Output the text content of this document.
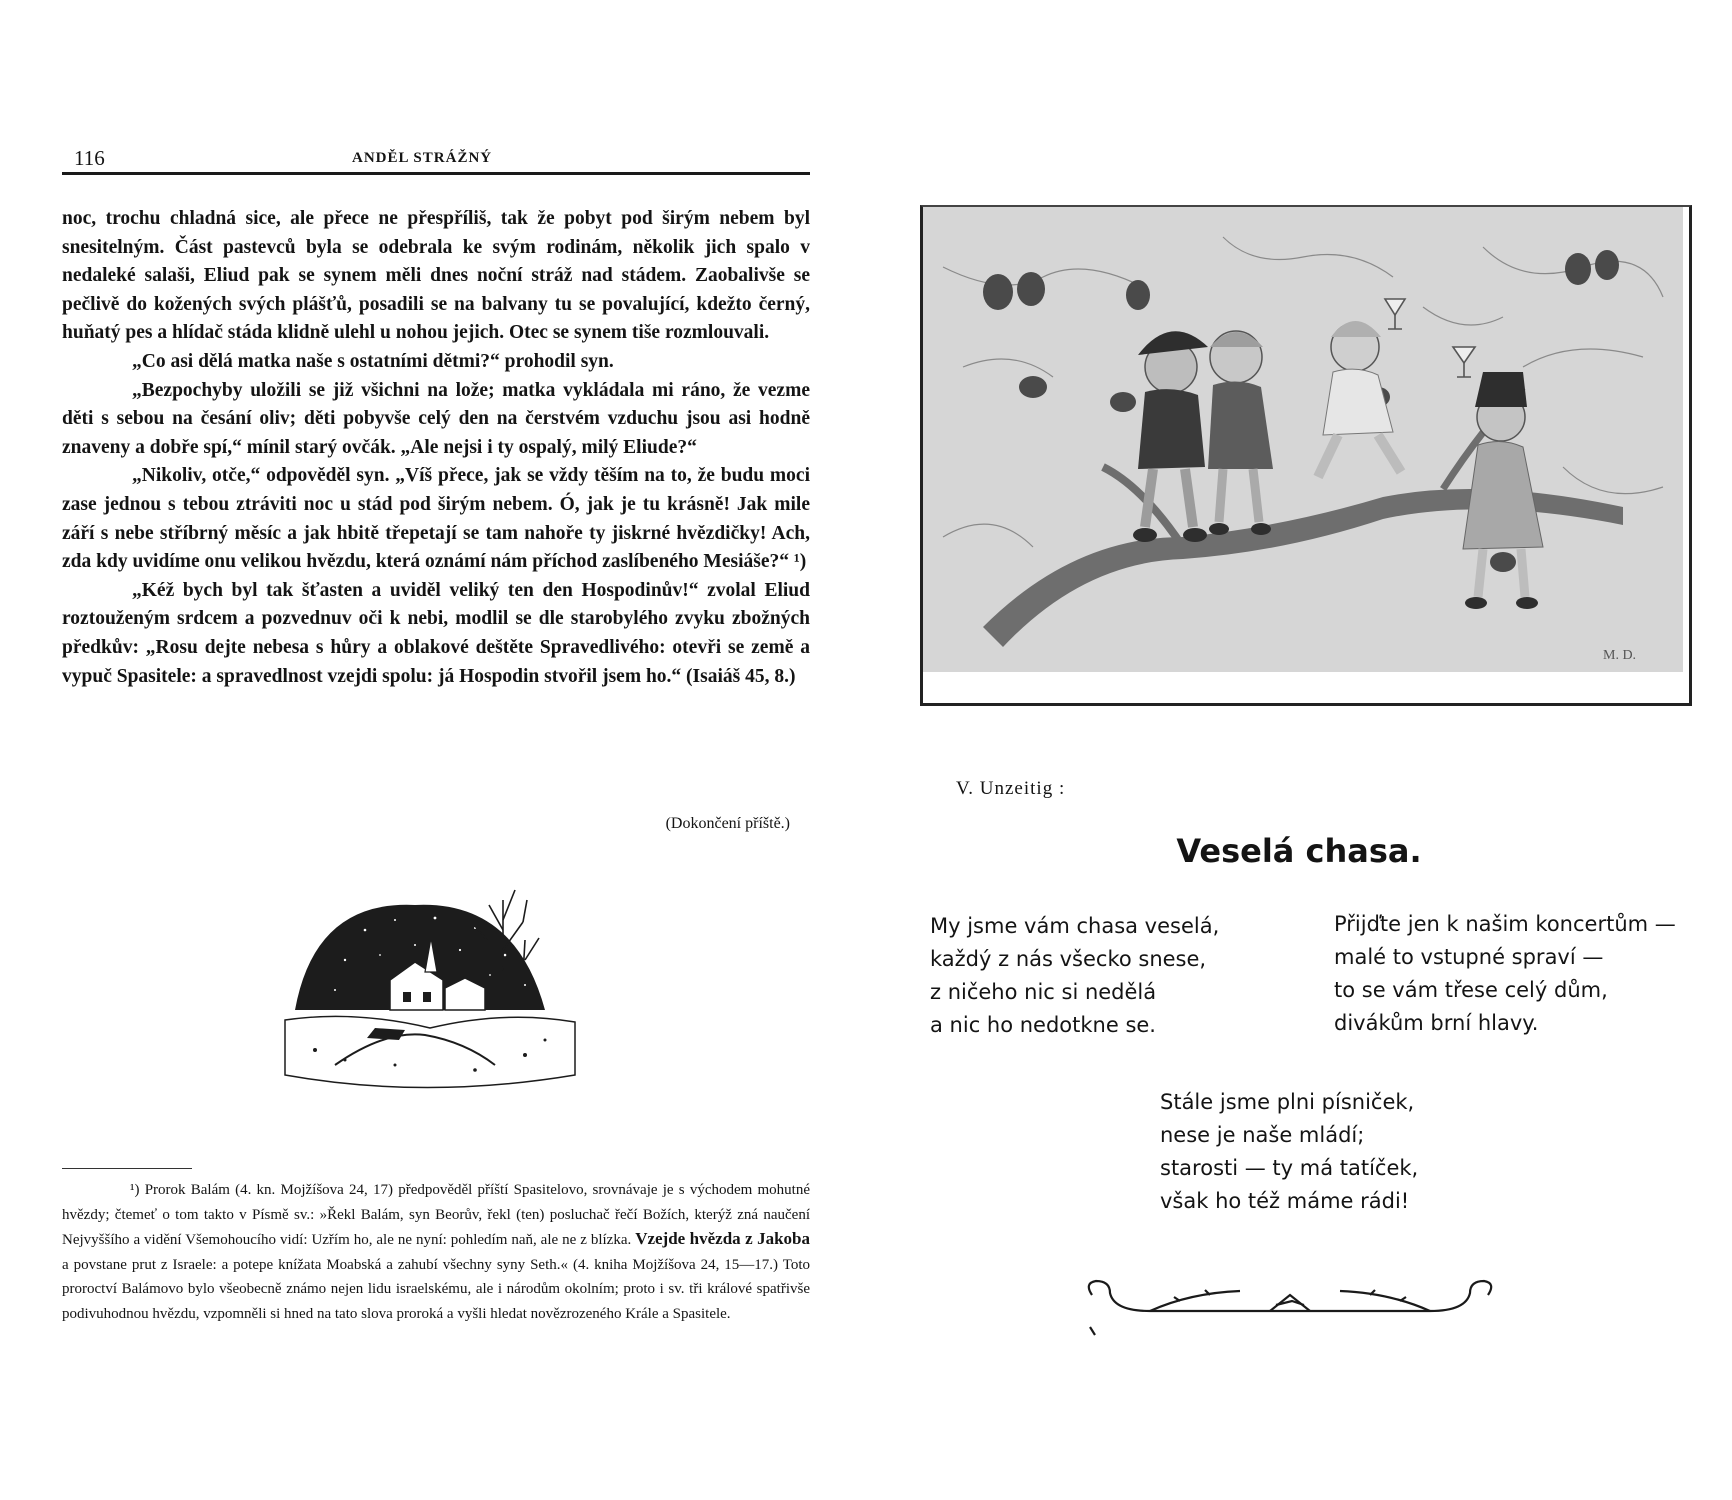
116	ANDĚL STRÁŽNÝ

noc, trochu chladná sice, ale přece ne přespříliš, tak že pobyt pod širým nebem byl snesitelným. Část pastevců byla se odebrala ke svým rodinám, několik jich spalo v nedaleké salaši, Eliud pak se synem měli dnes noční stráž nad stádem. Zaobalivše se pečlivě do kožených svých plášťů, posadili se na balvany tu se povalující, kdežto černý, huňatý pes a hlídač stáda klidně ulehl u nohou jejich. Otec se synem tiše rozmlouvali.

„Co asi dělá matka naše s ostatními dětmi?“ prohodil syn.

„Bezpochyby uložili se již všichni na lože; matka vykládala mi ráno, že vezme děti s sebou na česání oliv; děti pobyvše celý den na čerstvém vzduchu jsou asi hodně znaveny a dobře spí,“ mínil starý ovčák. „Ale nejsi i ty ospalý, milý Eliude?“

„Nikoliv, otče,“ odpověděl syn. „Víš přece, jak se vždy těším na to, že budu moci zase jednou s tebou ztráviti noc u stád pod širým nebem. Ó, jak je tu krásně! Jak mile září s nebe stříbrný měsíc a jak hbitě třepetají se tam nahoře ty jiskrné hvězdičky! Ach, zda kdy uvidíme onu velikou hvězdu, která oznámí nám příchod zaslíbeného Mesiáše?“ ¹)

„Kéž bych byl tak šťasten a uviděl veliký ten den Hospodinův!“ zvolal Eliud roztouženým srdcem a pozvednuv oči k nebi, modlil se dle starobylého zvyku zbožných předkův: „Rosu dejte nebesa s hůry a oblakové deštěte Spravedlivého: otevři se země a vypuč Spasitele: a spravedlnost vzejdi spolu: já Hospodin stvořil jsem ho.“ (Isaiáš 45, 8.)

(Dokončení příště.)

¹) Prorok Balám (4. kn. Mojžíšova 24, 17) předpověděl příští Spasitelovo, srovnávaje je s východem mohutné hvězdy; čtemeť o tom takto v Písmě sv.: »Řekl Balám, syn Beorův, řekl (ten) posluchač řečí Božích, kterýž zná naučení Nejvyššího a vidění Všemohoucího vidí: Uzřím ho, ale ne nyní: pohledím naň, ale ne z blízka. Vzejde hvězda z Jakoba a povstane prut z Israele: a potepe knížata Moabská a zahubí všechny syny Seth.« (4. kniha Mojžíšova 24, 15—17.) Toto proroctví Balámovo bylo všeobecně známo nejen lidu israelskému, ale i národům okolním; proto i sv. tři králové spatřivše podivuhodnou hvězdu, vzpomněli si hned na tato slova proroká a vyšli hledat novězrozeného Krále a Spasitele.

M. D.
V. Unzeitig :
Veselá chasa.
My jsme vám chasa veselá,
každý z nás všecko snese,
z ničeho nic si nedělá
a nic ho nedotkne se.
Přijďte jen k našim koncertům —
malé to vstupné spraví —
to se vám třese celý dům,
divákům brní hlavy.
Stále jsme plni písniček,
nese je naše mládí;
starosti — ty má tatíček,
však ho též máme rádi!
